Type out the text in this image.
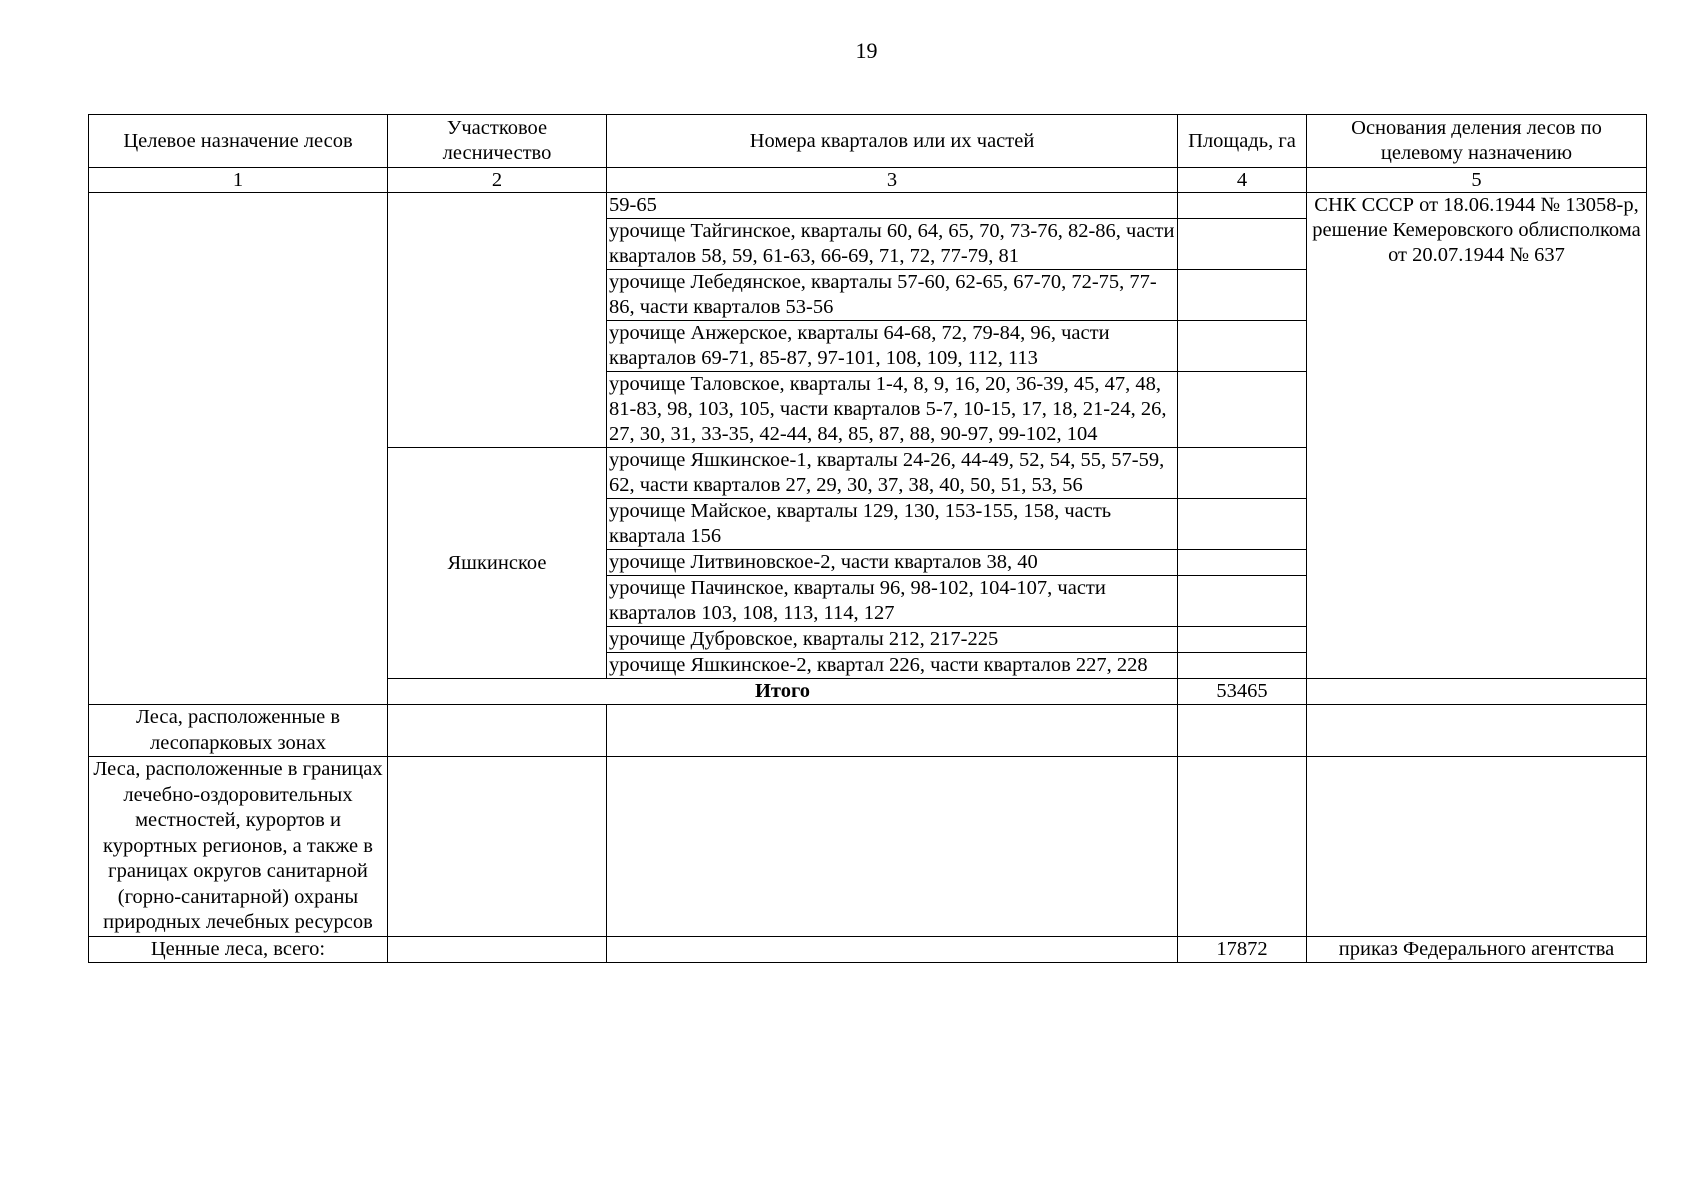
19
Целевое назначение лесов	Участковое лесничество	Номера кварталов или их частей	Площадь, га	Основания деления лесов по целевому назначению
1	2	3	4	5
		59-65		СНК СССР от 18.06.1944 № 13058-р, решение Кемеровского облисполкома от 20.07.1944 № 637
		урочище Тайгинское, кварталы 60, 64, 65, 70, 73-76, 82-86, части кварталов 58, 59, 61-63, 66-69, 71, 72, 77-79, 81		
		урочище Лебедянское, кварталы 57-60, 62-65, 67-70, 72-75, 77-86, части кварталов 53-56		
		урочище Анжерское, кварталы 64-68, 72, 79-84, 96, части кварталов 69-71, 85-87, 97-101, 108, 109, 112, 113		
		урочище Таловское, кварталы 1-4, 8, 9, 16, 20, 36-39, 45, 47, 48, 81-83, 98, 103, 105, части кварталов 5-7, 10-15, 17, 18, 21-24, 26, 27, 30, 31, 33-35, 42-44, 84, 85, 87, 88, 90-97, 99-102, 104		
	Яшкинское	урочище Яшкинское-1, кварталы 24-26, 44-49, 52, 54, 55, 57-59, 62, части кварталов 27, 29, 30, 37, 38, 40, 50, 51, 53, 56		
		урочище Майское, кварталы 129, 130, 153-155, 158, часть квартала 156		
		урочище Литвиновское-2, части кварталов 38, 40		
		урочище Пачинское, кварталы 96, 98-102, 104-107, части кварталов 103, 108, 113, 114, 127		
		урочище Дубровское, кварталы 212, 217-225		
		урочище Яшкинское-2, квартал 226, части кварталов 227, 228		
	Итого		53465	
Леса, расположенные в лесопарковых зонах				
Леса, расположенные в границах лечебно-оздоровительных местностей, курортов и курортных регионов, а также в границах округов санитарной (горно-санитарной) охраны природных лечебных ресурсов				
Ценные леса, всего:			17872	приказ Федерального агентства
